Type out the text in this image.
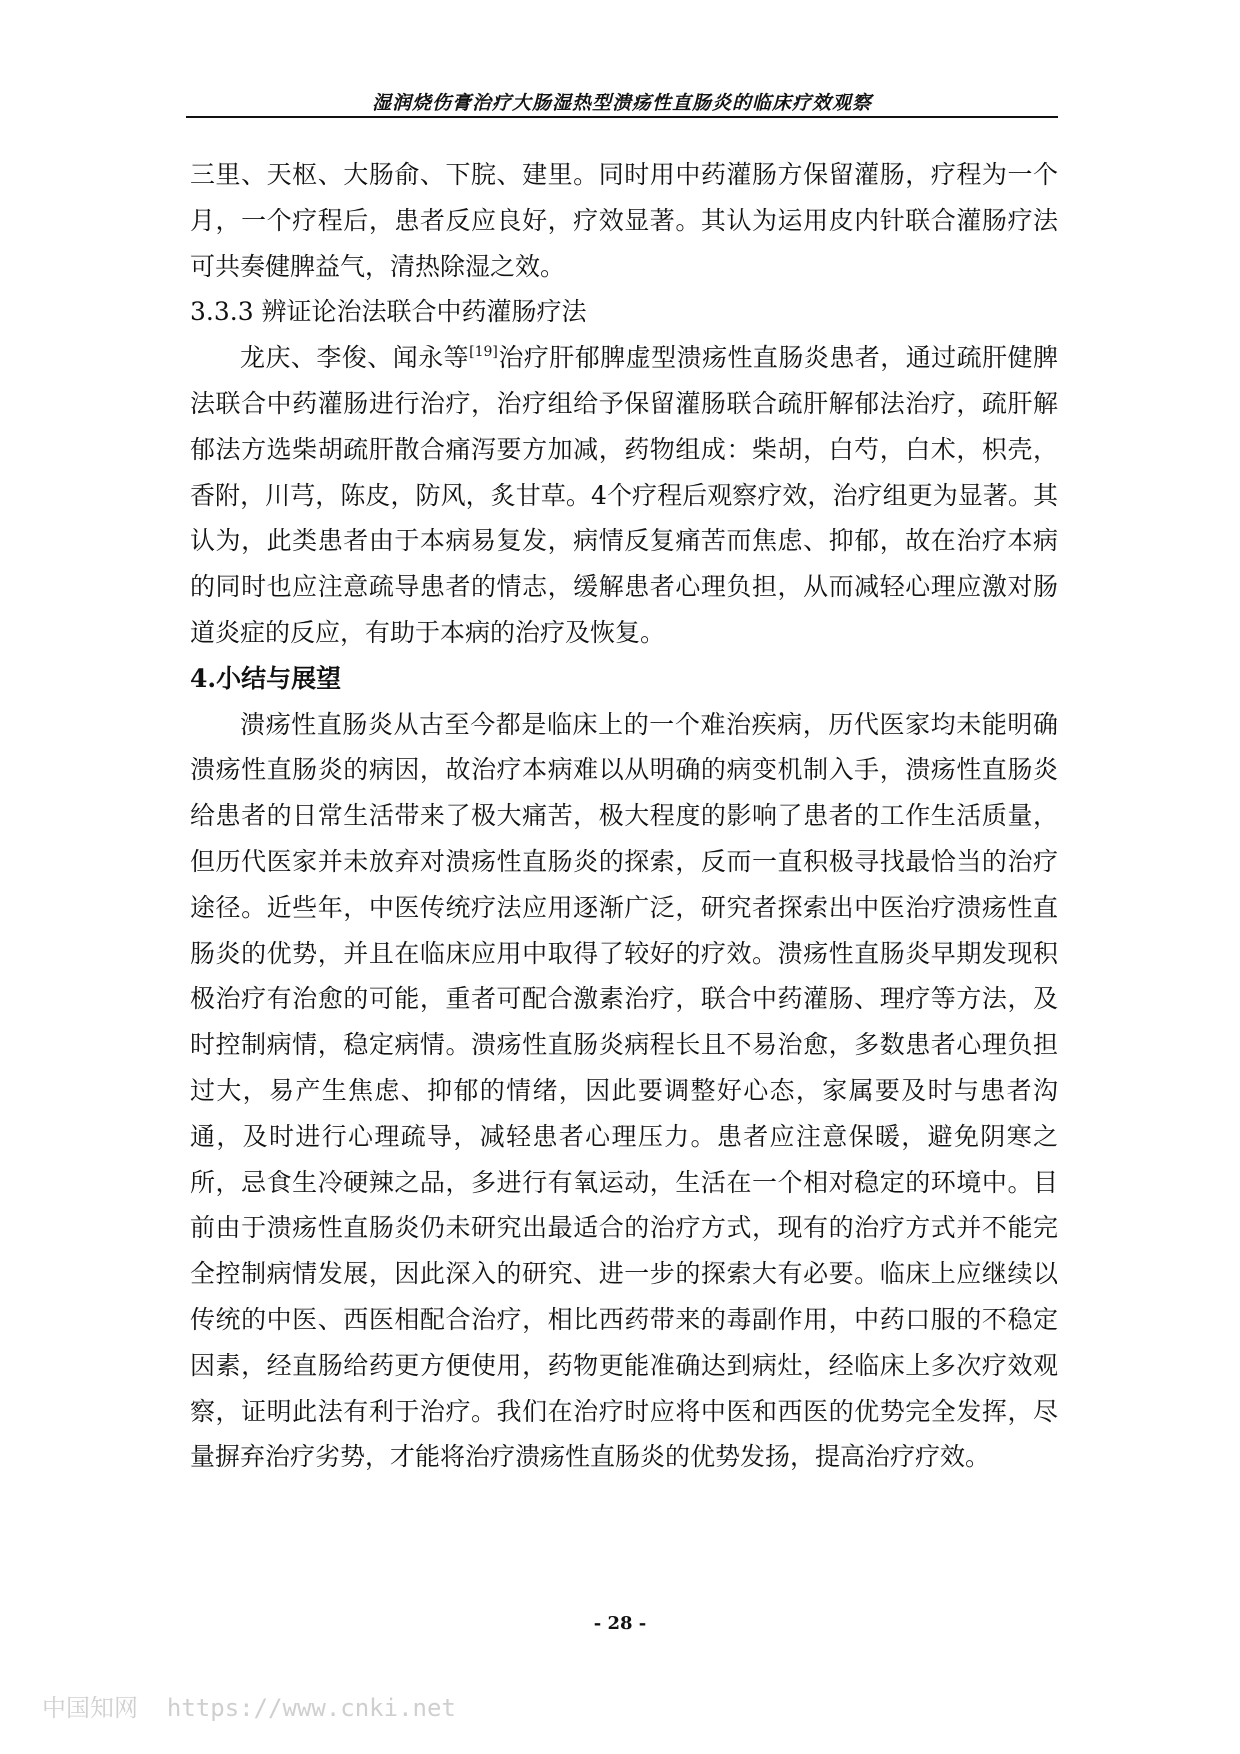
湿润烧伤膏治疗大肠湿热型溃疡性直肠炎的临床疗效观察

三里、天枢、大肠俞、下脘、建里。同时用中药灌肠方保留灌肠，疗程为一个月，一个疗程后，患者反应良好，疗效显著。其认为运用皮内针联合灌肠疗法可共奏健脾益气，清热除湿之效。

3.3.3 辨证论治法联合中药灌肠疗法

龙庆、李俊、闻永等[19]治疗肝郁脾虚型溃疡性直肠炎患者，通过疏肝健脾法联合中药灌肠进行治疗，治疗组给予保留灌肠联合疏肝解郁法治疗，疏肝解郁法方选柴胡疏肝散合痛泻要方加减，药物组成：柴胡，白芍，白术，枳壳，香附，川芎，陈皮，防风，炙甘草。4个疗程后观察疗效，治疗组更为显著。其认为，此类患者由于本病易复发，病情反复痛苦而焦虑、抑郁，故在治疗本病的同时也应注意疏导患者的情志，缓解患者心理负担，从而减轻心理应激对肠道炎症的反应，有助于本病的治疗及恢复。

4.小结与展望

溃疡性直肠炎从古至今都是临床上的一个难治疾病，历代医家均未能明确溃疡性直肠炎的病因，故治疗本病难以从明确的病变机制入手，溃疡性直肠炎给患者的日常生活带来了极大痛苦，极大程度的影响了患者的工作生活质量，但历代医家并未放弃对溃疡性直肠炎的探索，反而一直积极寻找最恰当的治疗途径。近些年，中医传统疗法应用逐渐广泛，研究者探索出中医治疗溃疡性直肠炎的优势，并且在临床应用中取得了较好的疗效。溃疡性直肠炎早期发现积极治疗有治愈的可能，重者可配合激素治疗，联合中药灌肠、理疗等方法，及时控制病情，稳定病情。溃疡性直肠炎病程长且不易治愈，多数患者心理负担过大，易产生焦虑、抑郁的情绪，因此要调整好心态，家属要及时与患者沟通，及时进行心理疏导，减轻患者心理压力。患者应注意保暖，避免阴寒之所，忌食生冷硬辣之品，多进行有氧运动，生活在一个相对稳定的环境中。目前由于溃疡性直肠炎仍未研究出最适合的治疗方式，现有的治疗方式并不能完全控制病情发展，因此深入的研究、进一步的探索大有必要。临床上应继续以传统的中医、西医相配合治疗，相比西药带来的毒副作用，中药口服的不稳定因素，经直肠给药更方便使用，药物更能准确达到病灶，经临床上多次疗效观察，证明此法有利于治疗。我们在治疗时应将中医和西医的优势完全发挥，尽量摒弃治疗劣势，才能将治疗溃疡性直肠炎的优势发扬，提高治疗疗效。

- 28 -
中国知网  https://www.cnki.net
